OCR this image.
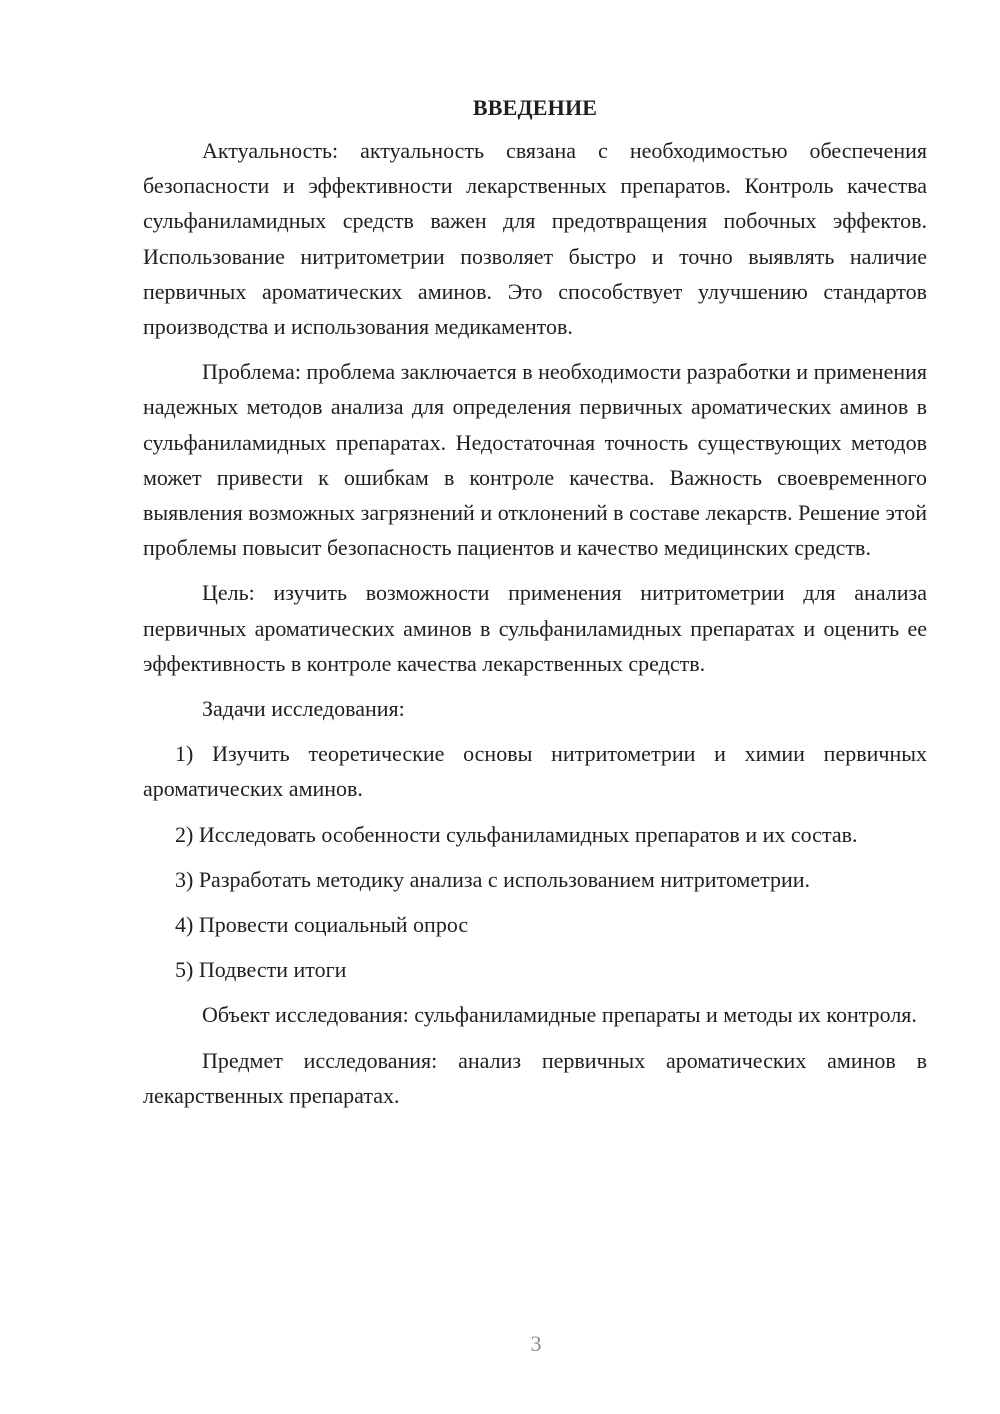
ВВЕДЕНИЕ

Актуальность: актуальность связана с необходимостью обеспечения безопасности и эффективности лекарственных препаратов. Контроль качества сульфаниламидных средств важен для предотвращения побочных эффектов. Использование нитритометрии позволяет быстро и точно выявлять наличие первичных ароматических аминов. Это способствует улучшению стандартов производства и использования медикаментов.

Проблема: проблема заключается в необходимости разработки и применения надежных методов анализа для определения первичных ароматических аминов в сульфаниламидных препаратах. Недостаточная точность существующих методов может привести к ошибкам в контроле качества. Важность своевременного выявления возможных загрязнений и отклонений в составе лекарств. Решение этой проблемы повысит безопасность пациентов и качество медицинских средств.

Цель: изучить возможности применения нитритометрии для анализа первичных ароматических аминов в сульфаниламидных препаратах и оценить ее эффективность в контроле качества лекарственных средств.

Задачи исследования:

1) Изучить теоретические основы нитритометрии и химии первичных ароматических аминов.

2) Исследовать особенности сульфаниламидных препаратов и их состав.

3) Разработать методику анализа с использованием нитритометрии.

4) Провести социальный опрос

5) Подвести итоги

Объект исследования: сульфаниламидные препараты и методы их контроля.

Предмет исследования: анализ первичных ароматических аминов в лекарственных препаратах.

3
